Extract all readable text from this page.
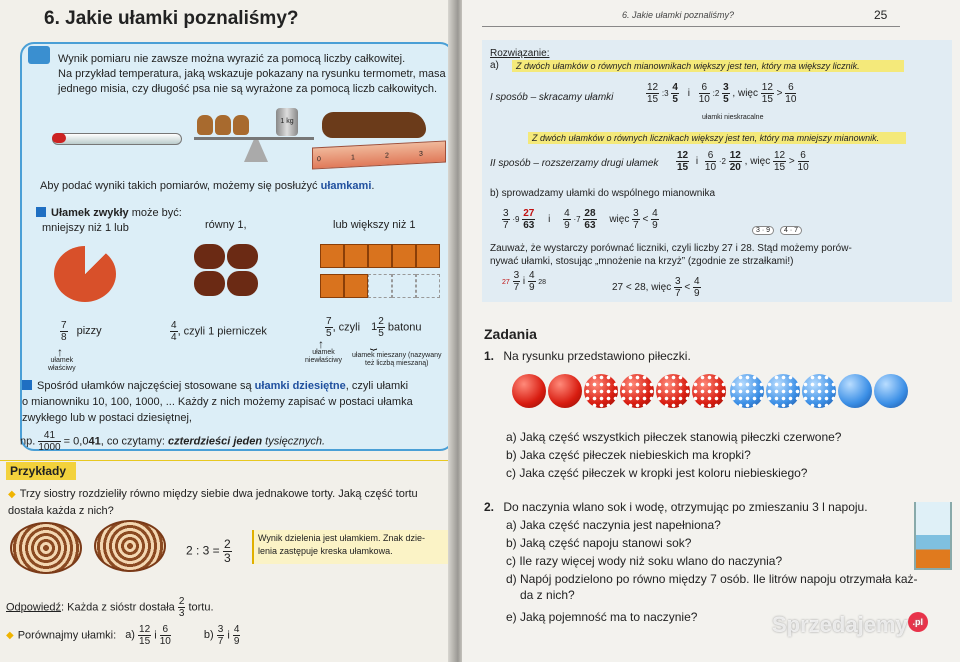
6. Jakie ułamki poznaliśmy?
Wynik pomiaru nie zawsze można wyrazić za pomocą liczby całkowitej.
Na przykład temperatura, jaką wskazuje pokazany na rysunku termometr, masa
jednego misia, czy długość psa nie są wyrażone za pomocą liczb całkowitych.
1 kg
0	1	2	3
Aby podać wyniki takich pomiarów, możemy się posłużyć ułamkami.
Ułamek zwykły może być:
mniejszy niż 1 lub	równy 1,	lub większy niż 1
$\frac{7}{8}$ pizzy	$\frac{4}{4}$ , czyli 1 pierniczek	$\frac{7}{5}$ , czyli $1 \frac{2}{5}$ batonu
↑
ułamek
właściwy
↑
ułamek
niewłaściwy
⏟
ułamek mieszany (nazywany
też liczbą mieszaną)
Spośród ułamków najczęściej stosowane są ułamki dziesiętne, czyli ułamki
o mianowniku 10, 100, 1000, ... Każdy z nich możemy zapisać w postaci ułamka
zwykłego lub w postaci dziesiętnej,
np. $\frac{41}{1000} = 0,041$, co czytamy: czterdzieści jeden tysięcznych.
Przykłady
◆ Trzy siostry rozdzieliły równo między siebie dwa jednakowe torty. Jaką część tortu
dostała każda z nich?
2 : $3 = \frac{2}{3}$	Wynik dzielenia jest ułamkiem. Znak dzie-
lenia zastępuje kreska ułamkowa.
Odpowiedź: Każda z sióstr dostała $\frac{2}{3}$ tortu.
◆ Porównajmy ułamki: $a) \frac{12}{15}$ i $\frac{6}{10}$	$b) \frac{3}{7}$ i $\frac{4}{9}$
6. Jakie ułamki poznaliśmy?	25
Rozwiązanie:
a)	Z dwóch ułamków o równych mianownikach większy jest ten, który ma większy licznik.
I sposób – skracamy ułamki	$\frac{12}{15}$ :3 $\frac{4}{5}$ i $\frac{6}{10}$ :2 $\frac{3}{5}$ , więc $\frac{12}{15} > \frac{6}{10}$
ułamki nieskracalne
Z dwóch ułamków o równych licznikach większy jest ten, który ma mniejszy mianownik.
II sposób – rozszerzamy drugi ułamek $\frac{12}{15}$ i $\frac{6}{10} \cdot 2 \frac{12}{20}$ , więc $\frac{12}{15} > \frac{6}{10}$
b) sprowadzamy ułamki do wspólnego mianownika
$\frac{3}{7} \cdot 9 \frac{27}{63}$ i $\frac{4}{9} \cdot 7 \frac{28}{63}$ więc $\frac{3}{7} < \frac{4}{9}$	3 · 9	4 · 7
Zauważ, że wystarczy porównać liczniki, czyli liczby 27 i 28. Stąd możemy porów-
nywać ułamki, stosując „mnożenie na krzyż” (zgodnie ze strzałkami!)
$27 \frac{3}{7}$ i $\frac{4}{9} 28$	27 < 28, więc $\frac{3}{7} < \frac{4}{9}$
Zadania
1. Na rysunku przedstawiono piłeczki.
a) Jaką część wszystkich piłeczek stanowią piłeczki czerwone?
b) Jaka część piłeczek niebieskich ma kropki?
c) Jaka część piłeczek w kropki jest koloru niebieskiego?
2. Do naczynia wlano sok i wodę, otrzymując po zmieszaniu 3 l napoju.
a) Jaka część naczynia jest napełniona?
b) Jaką część napoju stanowi sok?
c) Ile razy więcej wody niż soku wlano do naczynia?
d) Napój podzielono po równo między 7 osób. Ile litrów napoju otrzymała każ-
da z nich?
e) Jaką pojemność ma to naczynie?	Sprzedajemy .pl
